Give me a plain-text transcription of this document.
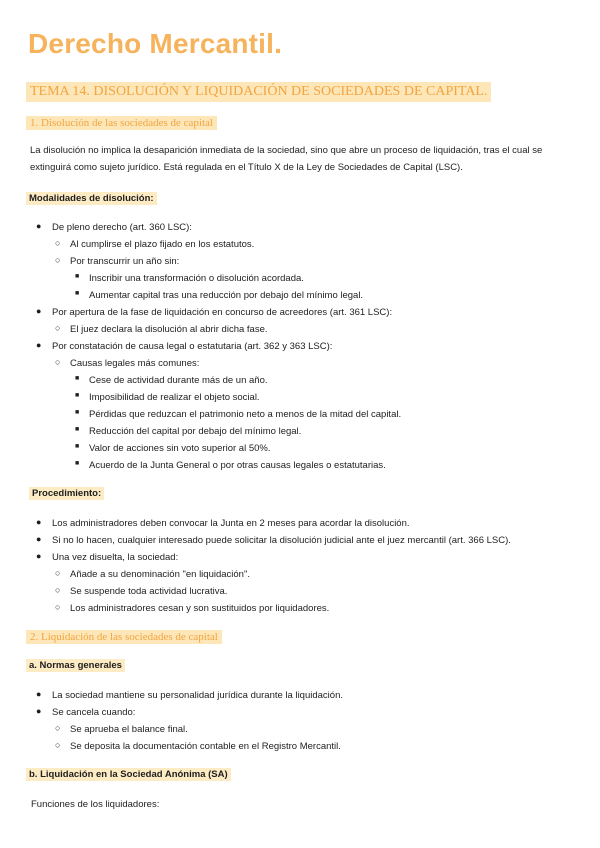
Derecho Mercantil.
TEMA 14. DISOLUCIÓN Y LIQUIDACIÓN DE SOCIEDADES DE CAPITAL.
1. Disolución de las sociedades de capital

La disolución no implica la desaparición inmediata de la sociedad, sino que abre un proceso de liquidación, tras el cual se extinguirá como sujeto jurídico. Está regulada en el Título X de la Ley de Sociedades de Capital (LSC).

Modalidades de disolución:
● De pleno derecho (art. 360 LSC):
○ Al cumplirse el plazo fijado en los estatutos.
○ Por transcurrir un año sin:
■ Inscribir una transformación o disolución acordada.
■ Aumentar capital tras una reducción por debajo del mínimo legal.
● Por apertura de la fase de liquidación en concurso de acreedores (art. 361 LSC):
○ El juez declara la disolución al abrir dicha fase.
● Por constatación de causa legal o estatutaria (art. 362 y 363 LSC):
○ Causas legales más comunes:
■ Cese de actividad durante más de un año.
■ Imposibilidad de realizar el objeto social.
■ Pérdidas que reduzcan el patrimonio neto a menos de la mitad del capital.
■ Reducción del capital por debajo del mínimo legal.
■ Valor de acciones sin voto superior al 50%.
■ Acuerdo de la Junta General o por otras causas legales o estatutarias.
Procedimiento:
● Los administradores deben convocar la Junta en 2 meses para acordar la disolución.
● Si no lo hacen, cualquier interesado puede solicitar la disolución judicial ante el juez mercantil (art. 366 LSC).
● Una vez disuelta, la sociedad:
○ Añade a su denominación "en liquidación".
○ Se suspende toda actividad lucrativa.
○ Los administradores cesan y son sustituidos por liquidadores.
2. Liquidación de las sociedades de capital
a. Normas generales
● La sociedad mantiene su personalidad jurídica durante la liquidación.
● Se cancela cuando:
○ Se aprueba el balance final.
○ Se deposita la documentación contable en el Registro Mercantil.
b. Liquidación en la Sociedad Anónima (SA)
Funciones de los liquidadores:
